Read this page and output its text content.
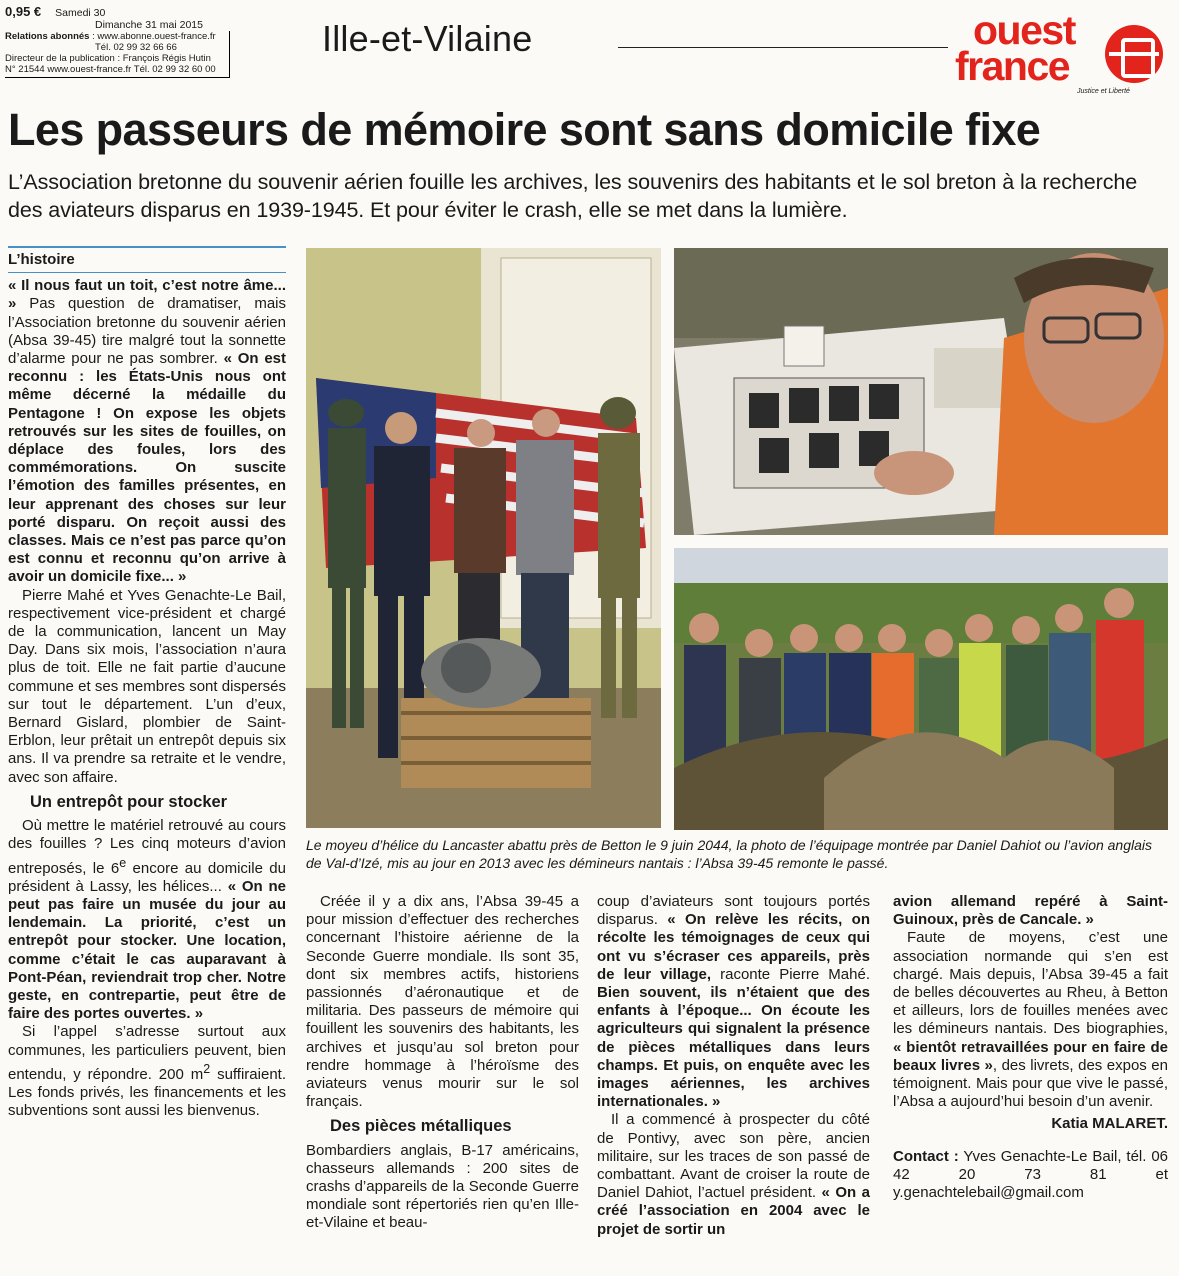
0,95 € Samedi 30
Dimanche 31 mai 2015
Relations abonnés : www.abonne.ouest-france.fr
Tél. 02 99 32 66 66
Directeur de la publication : François Régis Hutin
N° 21544 www.ouest-france.fr Tél. 02 99 32 60 00
Ille-et-Vilaine	ouest
france
Justice et Liberté
Les passeurs de mémoire sont sans domicile fixe
L’Association bretonne du souvenir aérien fouille les archives, les souvenirs des habitants et le sol breton à la recherche des aviateurs disparus en 1939-1945. Et pour éviter le crash, elle se met dans la lumière.
L’histoire

« Il nous faut un toit, c’est notre âme... » Pas question de dramatiser, mais l’Association bretonne du souvenir aérien (Absa 39-45) tire malgré tout la sonnette d’alarme pour ne pas sombrer. « On est reconnu : les États-Unis nous ont même décerné la médaille du Pentagone ! On expose les objets retrouvés sur les sites de fouilles, on déplace des foules, lors des commémorations. On suscite l’émotion des familles présentes, en leur apprenant des choses sur leur porté disparu. On reçoit aussi des classes. Mais ce n’est pas parce qu’on est connu et reconnu qu’on arrive à avoir un domicile fixe... »

Pierre Mahé et Yves Genachte-Le Bail, respectivement vice-président et chargé de la communication, lancent un May Day. Dans six mois, l’association n’aura plus de toit. Elle ne fait partie d’aucune commune et ses membres sont dispersés sur tout le département. L’un d’eux, Bernard Gislard, plombier de Saint-Erblon, leur prêtait un entrepôt depuis six ans. Il va prendre sa retraite et le vendre, avec son affaire.

Un entrepôt pour stocker

Où mettre le matériel retrouvé au cours des fouilles ? Les cinq moteurs d’avion entreposés, le 6e encore au domicile du président à Lassy, les hélices... « On ne peut pas faire un musée du jour au lendemain. La priorité, c’est un entrepôt pour stocker. Une location, comme c’était le cas auparavant à Pont-Péan, reviendrait trop cher. Notre geste, en contrepartie, peut être de faire des portes ouvertes. »

Si l’appel s’adresse surtout aux communes, les particuliers peuvent, bien entendu, y répondre. 200 $m^2$ suffiraient. Les fonds privés, les financements et les subventions sont aussi les bienvenus.

Le moyeu d’hélice du Lancaster abattu près de Betton le 9 juin 2044, la photo de l’équipage montrée par Daniel Dahiot ou l’avion anglais de Val-d’Izé, mis au jour en 2013 avec les démineurs nantais : l’Absa 39-45 remonte le passé.

Créée il y a dix ans, l’Absa 39-45 a pour mission d’effectuer des recherches concernant l’histoire aérienne de la Seconde Guerre mondiale. Ils sont 35, dont six membres actifs, historiens passionnés d’aéronautique et de militaria. Des passeurs de mémoire qui fouillent les souvenirs des habitants, les archives et jusqu’au sol breton pour rendre hommage à l’héroïsme des aviateurs venus mourir sur le sol français.

Des pièces métalliques

Bombardiers anglais, B-17 américains, chasseurs allemands : 200 sites de crashs d’appareils de la Seconde Guerre mondiale sont répertoriés rien qu’en Ille-et-Vilaine et beau-

coup d’aviateurs sont toujours portés disparus. « On relève les récits, on récolte les témoignages de ceux qui ont vu s’écraser ces appareils, près de leur village, raconte Pierre Mahé. Bien souvent, ils n’étaient que des enfants à l’époque... On écoute les agriculteurs qui signalent la présence de pièces métalliques dans leurs champs. Et puis, on enquête avec les images aériennes, les archives internationales. »

Il a commencé à prospecter du côté de Pontivy, avec son père, ancien militaire, sur les traces de son passé de combattant. Avant de croiser la route de Daniel Dahiot, l’actuel président. « On a créé l’association en 2004 avec le projet de sortir un

avion allemand repéré à Saint-Guinoux, près de Cancale. »

Faute de moyens, c’est une association normande qui s’en est chargé. Mais depuis, l’Absa 39-45 a fait de belles découvertes au Rheu, à Betton et ailleurs, lors de fouilles menées avec les démineurs nantais. Des biographies, « bientôt retravaillées pour en faire de beaux livres », des livrets, des expos en témoignent. Mais pour que vive le passé, l’Absa a aujourd’hui besoin d’un avenir.

Katia MALARET.

Contact : Yves Genachte-Le Bail, tél. 06 42 20 73 81 et y.genachtelebail@gmail.com
